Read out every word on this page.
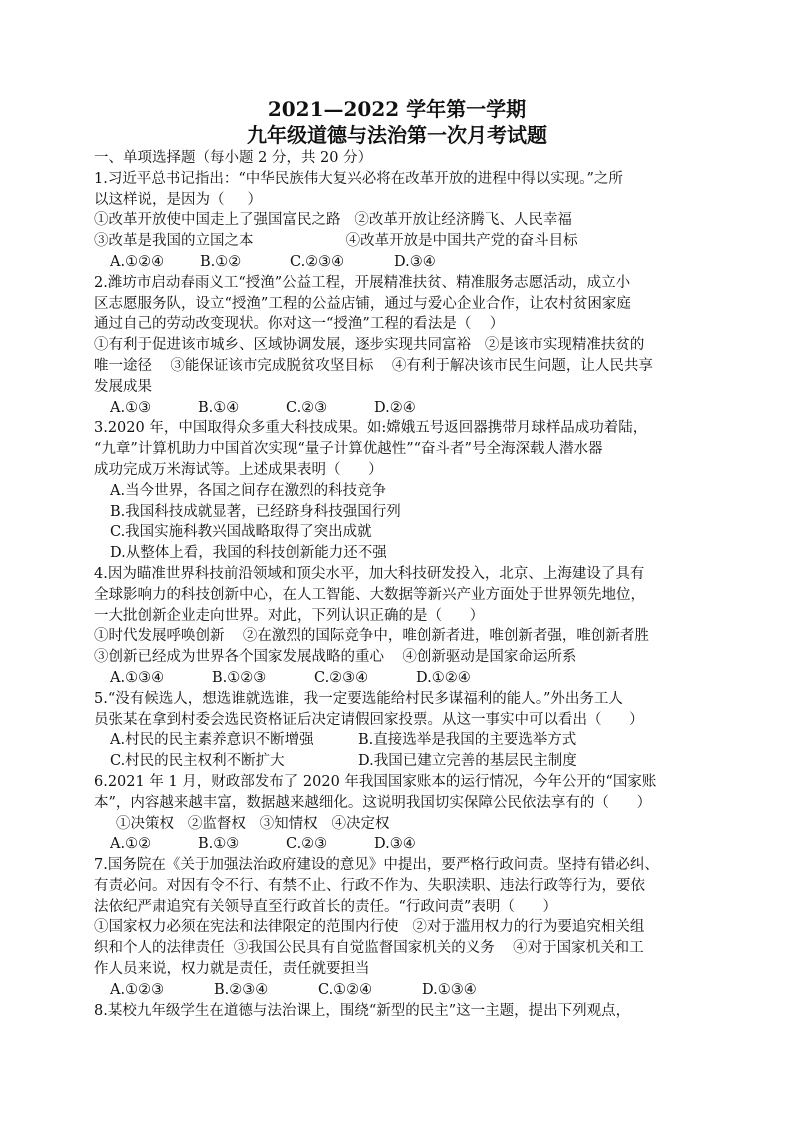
2021—2022 学年第一学期
九年级道德与法治第一次月考试题
一、单项选择题（每小题 2 分，共 20 分）
1.习近平总书记指出：“中华民族伟大复兴必将在改革开放的进程中得以实现。”之所
以这样说，是因为（     ）
①改革开放使中国走上了强国富民之路   ②改革开放让经济腾飞、人民幸福
③改革是我国的立国之本                    ④改革开放是中国共产党的奋斗目标
A.①②④	B.①②	C.②③④	D.③④
2.潍坊市启动春雨义工“授渔”公益工程，开展精准扶贫、精准服务志愿活动，成立小
区志愿服务队，设立“授渔”工程的公益店铺，通过与爱心企业合作，让农村贫困家庭
通过自己的劳动改变现状。你对这一“授渔”工程的看法是（    ）
①有利于促进该市城乡、区域协调发展，逐步实现共同富裕   ②是该市实现精准扶贫的
唯一途径    ③能保证该市完成脱贫攻坚目标    ④有利于解决该市民生问题，让人民共享
发展成果
A.①③	B.①④	C.②③	D.②④
3.2020 年，中国取得众多重大科技成果。如:嫦娥五号返回器携带月球样品成功着陆，
“九章”计算机助力中国首次实现“量子计算优越性”“奋斗者”号全海深载人潜水器
成功完成万米海试等。上述成果表明（      ）
A.当今世界，各国之间存在激烈的科技竞争
B.我国科技成就显著，已经跻身科技强国行列
C.我国实施科教兴国战略取得了突出成就
D.从整体上看，我国的科技创新能力还不强
4.因为瞄准世界科技前沿领域和顶尖水平，加大科技研发投入，北京、上海建设了具有
全球影响力的科技创新中心，在人工智能、大数据等新兴产业方面处于世界领先地位，
一大批创新企业走向世界。对此，下列认识正确的是（      ）
①时代发展呼唤创新    ②在激烈的国际竞争中，唯创新者进，唯创新者强，唯创新者胜
③创新已经成为世界各个国家发展战略的重心    ④创新驱动是国家命运所系
A.①③④	B.①②③	C.②③④	D.①②④
5.“没有候选人，想选谁就选谁，我一定要选能给村民多谋福利的能人。”外出务工人
员张某在拿到村委会选民资格证后决定请假回家投票。从这一事实中可以看出（      ）
A.村民的民主素养意识不断增强	B.直接选举是我国的主要选举方式
C.村民的民主权利不断扩大	D.我国已建立完善的基层民主制度
6.2021 年 1 月，财政部发布了 2020 年我国国家账本的运行情况，今年公开的“国家账
本”，内容越来越丰富，数据越来越细化。这说明我国切实保障公民依法享有的（      ）
①决策权   ②监督权   ③知情权   ④决定权
A.①②	B.①③	C.②③	D.③④
7.国务院在《关于加强法治政府建设的意见》中提出，要严格行政问责。坚持有错必纠、
有责必问。对因有令不行、有禁不止、行政不作为、失职渎职、违法行政等行为，要依
法依纪严肃追究有关领导直至行政首长的责任。“行政问责”表明（      ）
①国家权力必须在宪法和法律限定的范围内行使   ②对于滥用权力的行为要追究相关组
织和个人的法律责任  ③我国公民具有自觉监督国家机关的义务    ④对于国家机关和工
作人员来说，权力就是责任，责任就要担当
A.①②③	B.②③④	C.①②④	D.①③④
8.某校九年级学生在道德与法治课上，围绕“新型的民主”这一主题，提出下列观点，
